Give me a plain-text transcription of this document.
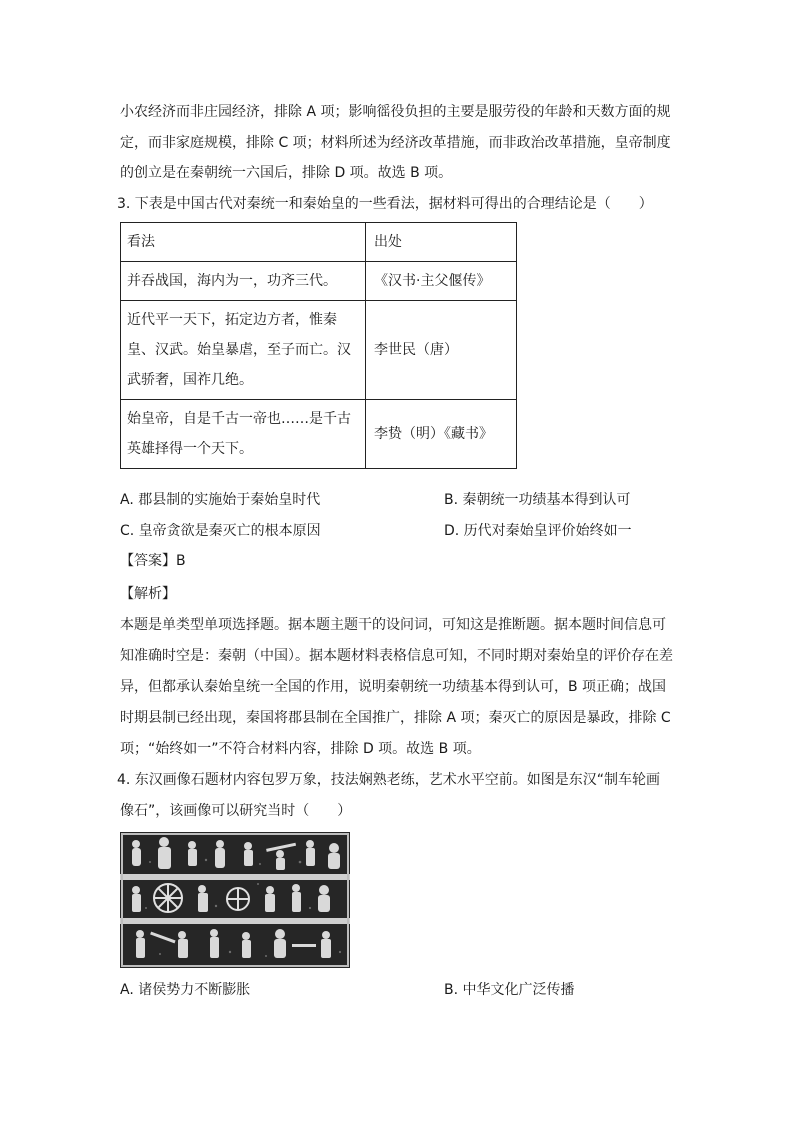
小农经济而非庄园经济，排除 A 项；影响徭役负担的主要是服劳役的年龄和天数方面的规
定，而非家庭规模，排除 C 项；材料所述为经济改革措施，而非政治改革措施，皇帝制度
的创立是在秦朝统一六国后，排除 D 项。故选 B 项。
3. 下表是中国古代对秦统一和秦始皇的一些看法，据材料可得出的合理结论是（　　）
看法	出处

并吞战国，海内为一，功齐三代。	《汉书·主父偃传》

近代平一天下，拓定边方者，惟秦
皇、汉武。始皇暴虐，至子而亡。汉
武骄奢，国祚几绝。	李世民（唐）

始皇帝，自是千古一帝也……是千古
英雄择得一个天下。	李贽（明）《藏书》
A. 郡县制的实施始于秦始皇时代	B. 秦朝统一功绩基本得到认可
C. 皇帝贪欲是秦灭亡的根本原因	D. 历代对秦始皇评价始终如一
【答案】B
【解析】
本题是单类型单项选择题。据本题主题干的设问词，可知这是推断题。据本题时间信息可
知准确时空是：秦朝（中国）。据本题材料表格信息可知，不同时期对秦始皇的评价存在差
异，但都承认秦始皇统一全国的作用，说明秦朝统一功绩基本得到认可，B 项正确；战国
时期县制已经出现，秦国将郡县制在全国推广，排除 A 项；秦灭亡的原因是暴政，排除 C
项；“始终如一”不符合材料内容，排除 D 项。故选 B 项。
4. 东汉画像石题材内容包罗万象，技法娴熟老练，艺术水平空前。如图是东汉“制车轮画
像石”，该画像可以研究当时（　　）
A. 诸侯势力不断膨胀	B. 中华文化广泛传播
